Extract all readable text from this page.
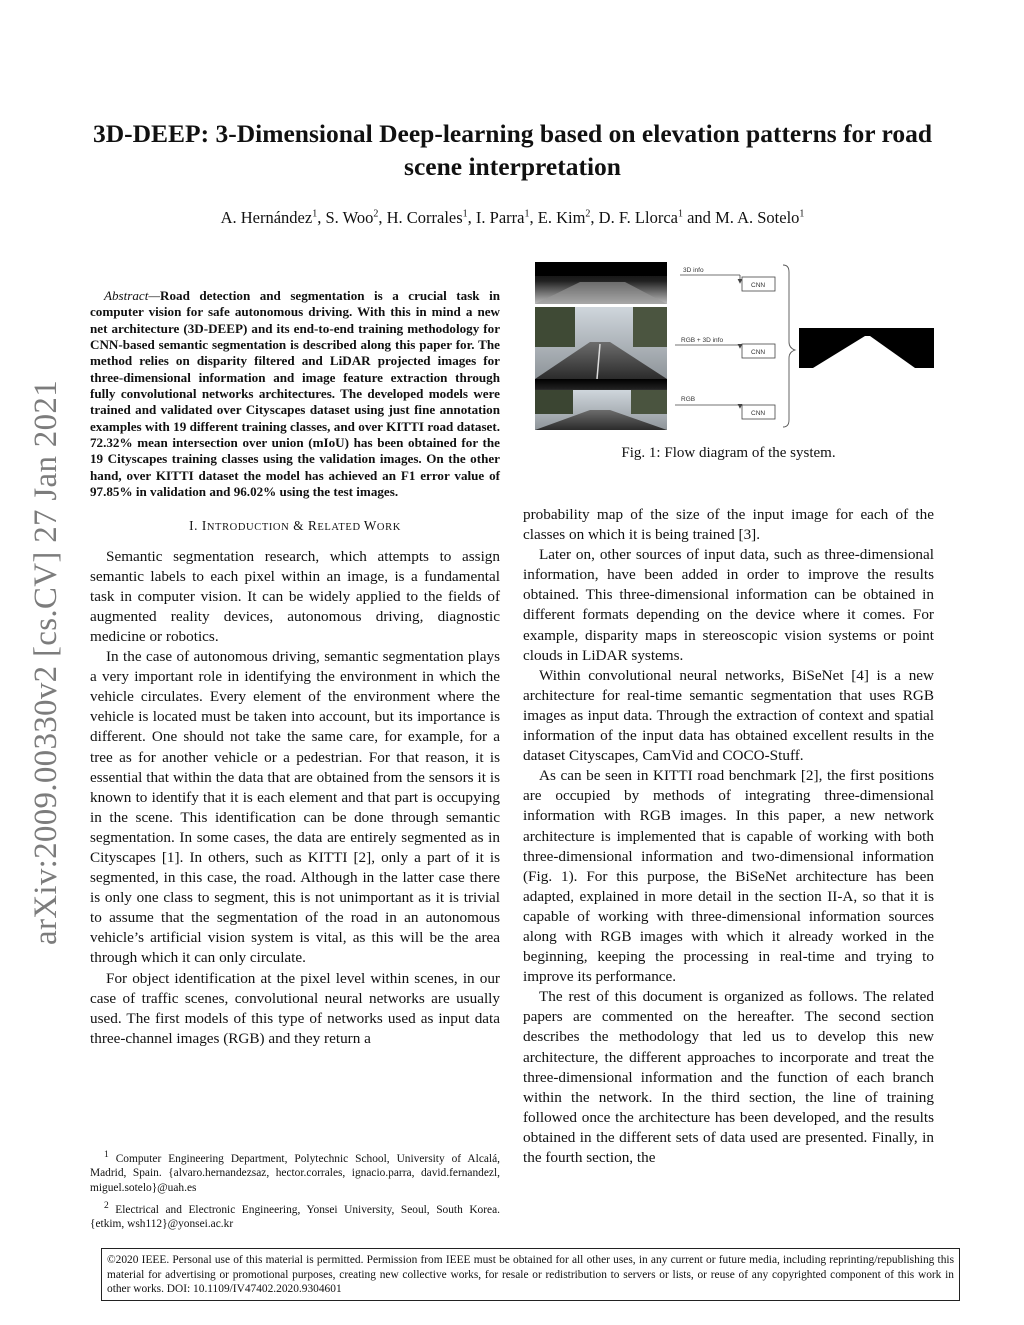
arXiv:2009.00330v2 [cs.CV] 27 Jan 2021
3D-DEEP: 3-Dimensional Deep-learning based on elevation patterns for road scene interpretation
A. Hernández$^1$, S. Woo$^2$, H. Corrales$^1$, I. Parra$^1$, E. Kim$^2$, D. F. Llorca$^1$ and M. A. Sotelo$^1$

Abstract—Road detection and segmentation is a crucial task in computer vision for safe autonomous driving. With this in mind a new net architecture (3D-DEEP) and its end-to-end training methodology for CNN-based semantic segmentation is described along this paper for. The method relies on disparity filtered and LiDAR projected images for three-dimensional information and image feature extraction through fully convolutional networks architectures. The developed models were trained and validated over Cityscapes dataset using just fine annotation examples with 19 different training classes, and over KITTI road dataset. 72.32% mean intersection over union (mIoU) has been obtained for the 19 Cityscapes training classes using the validation images. On the other hand, over KITTI dataset the model has achieved an F1 error value of 97.85% in validation and 96.02% using the test images.

I. INTRODUCTION & RELATED WORK

Semantic segmentation research, which attempts to assign semantic labels to each pixel within an image, is a fundamental task in computer vision. It can be widely applied to the fields of augmented reality devices, autonomous driving, diagnostic medicine or robotics.

In the case of autonomous driving, semantic segmentation plays a very important role in identifying the environment in which the vehicle circulates. Every element of the environment where the vehicle is located must be taken into account, but its importance is different. One should not take the same care, for example, for a tree as for another vehicle or a pedestrian. For that reason, it is essential that within the data that are obtained from the sensors it is known to identify that it is each element and that part is occupying in the scene. This identification can be done through semantic segmentation. In some cases, the data are entirely segmented as in Cityscapes [1]. In others, such as KITTI [2], only a part of it is segmented, in this case, the road. Although in the latter case there is only one class to segment, this is not unimportant as it is trivial to assume that the segmentation of the road in an autonomous vehicle’s artificial vision system is vital, as this will be the area through which it can only circulate.

For object identification at the pixel level within scenes, in our case of traffic scenes, convolutional neural networks are usually used. The first models of this type of networks used as input data three-channel images (RGB) and they return a

$^1$ Computer Engineering Department, Polytechnic School, University of Alcalá, Madrid, Spain. {alvaro.hernandezsaz, hector.corrales, ignacio.parra, david.fernandezl, miguel.sotelo}@uah.es
$^2$ Electrical and Electronic Engineering, Yonsei University, Seoul, South Korea. {etkim, wsh112}@yonsei.ac.kr
3D info
CNN
RGB + 3D info
CNN
RGB
CNN
Fig. 1: Flow diagram of the system.

probability map of the size of the input image for each of the classes on which it is being trained [3].

Later on, other sources of input data, such as three-dimensional information, have been added in order to improve the results obtained. This three-dimensional information can be obtained in different formats depending on the device where it comes. For example, disparity maps in stereoscopic vision systems or point clouds in LiDAR systems.

Within convolutional neural networks, BiSeNet [4] is a new architecture for real-time semantic segmentation that uses RGB images as input data. Through the extraction of context and spatial information of the input data has obtained excellent results in the dataset Cityscapes, CamVid and COCO-Stuff.

As can be seen in KITTI road benchmark [2], the first positions are occupied by methods of integrating three-dimensional information with RGB images. In this paper, a new network architecture is implemented that is capable of working with both three-dimensional information and two-dimensional information (Fig. 1). For this purpose, the BiSeNet architecture has been adapted, explained in more detail in the section II-A, so that it is capable of working with three-dimensional information sources along with RGB images with which it already worked in the beginning, keeping the processing in real-time and trying to improve its performance.

The rest of this document is organized as follows. The related papers are commented on the hereafter. The second section describes the methodology that led us to develop this new architecture, the different approaches to incorporate and treat the three-dimensional information and the function of each branch within the network. In the third section, the line of training followed once the architecture has been developed, and the results obtained in the different sets of data used are presented. Finally, in the fourth section, the

©2020 IEEE. Personal use of this material is permitted. Permission from IEEE must be obtained for all other uses, in any current or future media, including reprinting/republishing this material for advertising or promotional purposes, creating new collective works, for resale or redistribution to servers or lists, or reuse of any copyrighted component of this work in other works. DOI: 10.1109/IV47402.2020.9304601
